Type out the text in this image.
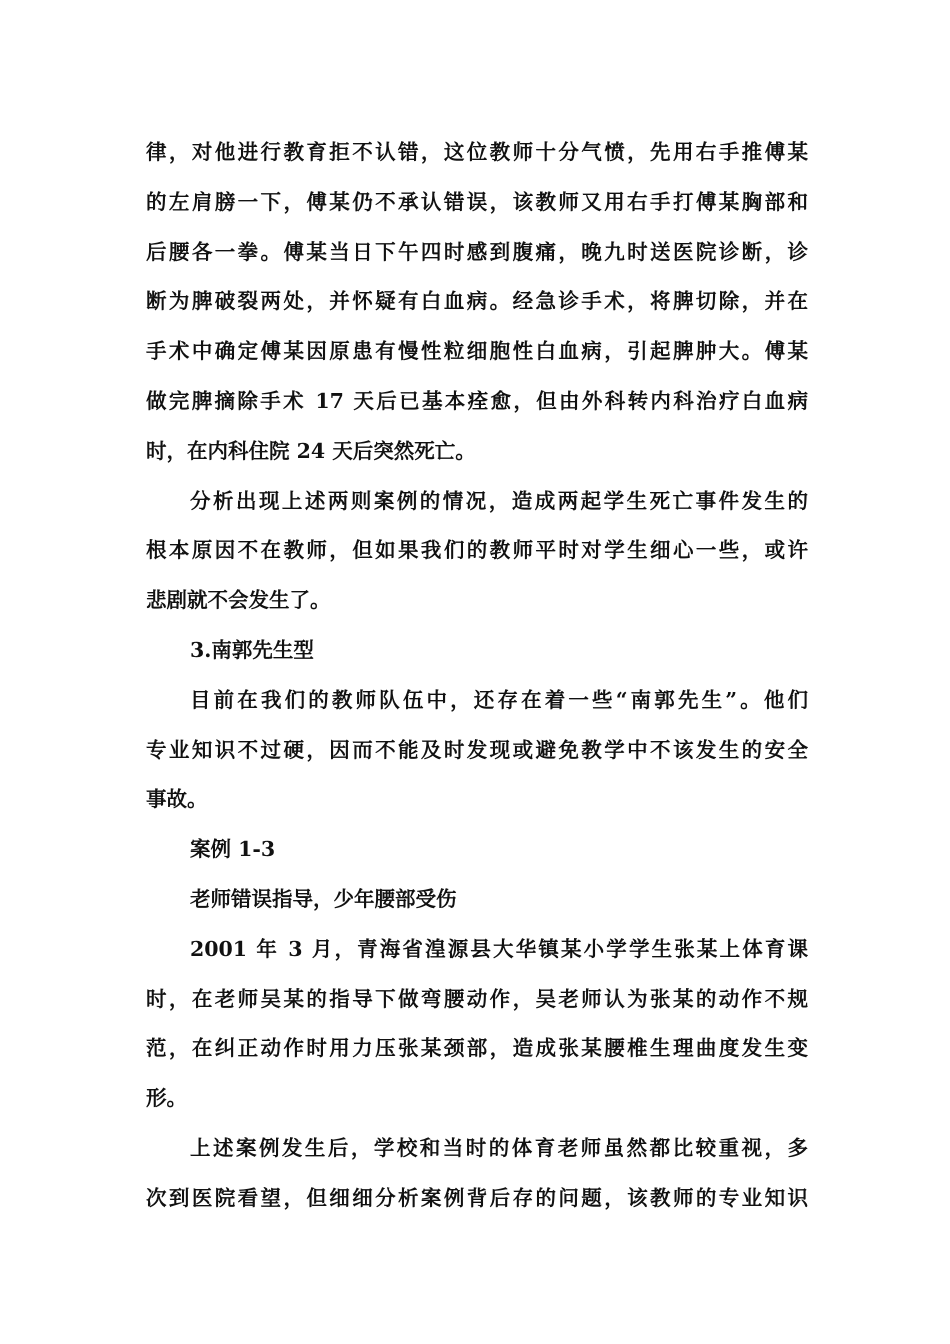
律，对他进行教育拒不认错，这位教师十分气愤，先用右手推傅某
的左肩膀一下，傅某仍不承认错误，该教师又用右手打傅某胸部和
后腰各一拳。傅某当日下午四时感到腹痛，晚九时送医院诊断，诊
断为脾破裂两处，并怀疑有白血病。经急诊手术，将脾切除，并在
手术中确定傅某因原患有慢性粒细胞性白血病，引起脾肿大。傅某
做完脾摘除手术 17 天后已基本痊愈，但由外科转内科治疗白血病
时，在内科住院 24 天后突然死亡。
分析出现上述两则案例的情况，造成两起学生死亡事件发生的
根本原因不在教师，但如果我们的教师平时对学生细心一些，或许
悲剧就不会发生了。
3.南郭先生型
目前在我们的教师队伍中，还存在着一些“南郭先生”。他们
专业知识不过硬，因而不能及时发现或避免教学中不该发生的安全
事故。
案例 1-3
老师错误指导，少年腰部受伤
2001 年 3 月，青海省湟源县大华镇某小学学生张某上体育课
时，在老师吴某的指导下做弯腰动作，吴老师认为张某的动作不规
范，在纠正动作时用力压张某颈部，造成张某腰椎生理曲度发生变
形。
上述案例发生后，学校和当时的体育老师虽然都比较重视，多
次到医院看望，但细细分析案例背后存的问题，该教师的专业知识
